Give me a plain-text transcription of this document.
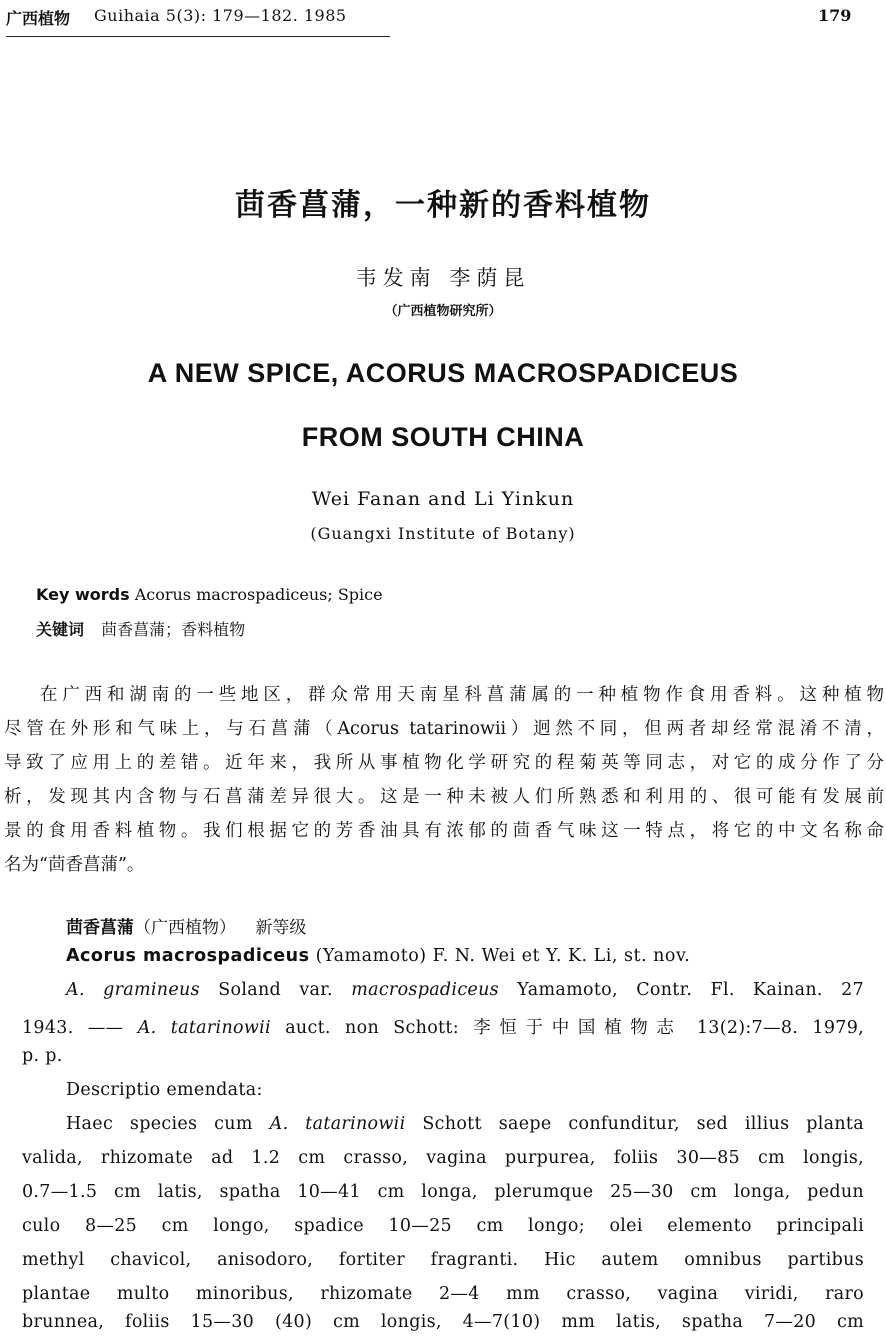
广西植物 Guihaia 5(3): 179—182. 1985	179
茴香菖蒲，一种新的香料植物
韦发南 李荫昆
（广西植物研究所）
A NEW SPICE, ACORUS MACROSPADICEUS
FROM SOUTH CHINA
Wei Fanan and Li Yinkun
(Guangxi Institute of Botany)
Key words Acorus macrospadiceus; Spice
关键词 茴香菖蒲；香料植物
在广西和湖南的一些地区，群众常用天南星科菖蒲属的一种植物作食用香料。这种植物
尽管在外形和气味上，与石菖蒲（Acorus tatarinowii）迥然不同，但两者却经常混淆不清，
导致了应用上的差错。近年来，我所从事植物化学研究的程菊英等同志，对它的成分作了分
析，发现其内含物与石菖蒲差异很大。这是一种未被人们所熟悉和利用的、很可能有发展前
景的食用香料植物。我们根据它的芳香油具有浓郁的茴香气味这一特点，将它的中文名称命
名为“茴香菖蒲”。
茴香菖蒲（广西植物） 新等级
Acorus macrospadiceus (Yamamoto) F. N. Wei et Y. K. Li, st. nov.
A. gramineus Soland var. macrospadiceus Yamamoto, Contr. Fl. Kainan. 27
1943. —— A. tatarinowii auct. non Schott: 李恒于中国植物志 13(2):7—8. 1979,
p. p.
Descriptio emendata:
Haec species cum A. tatarinowii Schott saepe confunditur, sed illius planta
valida, rhizomate ad 1.2 cm crasso, vagina purpurea, foliis 30—85 cm longis,
0.7—1.5 cm latis, spatha 10—41 cm longa, plerumque 25—30 cm longa, pedun
culo 8—25 cm longo, spadice 10—25 cm longo; olei elemento principali
methyl chavicol, anisodoro, fortiter fragranti. Hic autem omnibus partibus
plantae multo minoribus, rhizomate 2—4 mm crasso, vagina viridi, raro
brunnea, foliis 15—30 (40) cm longis, 4—7(10) mm latis, spatha 7—20 cm
